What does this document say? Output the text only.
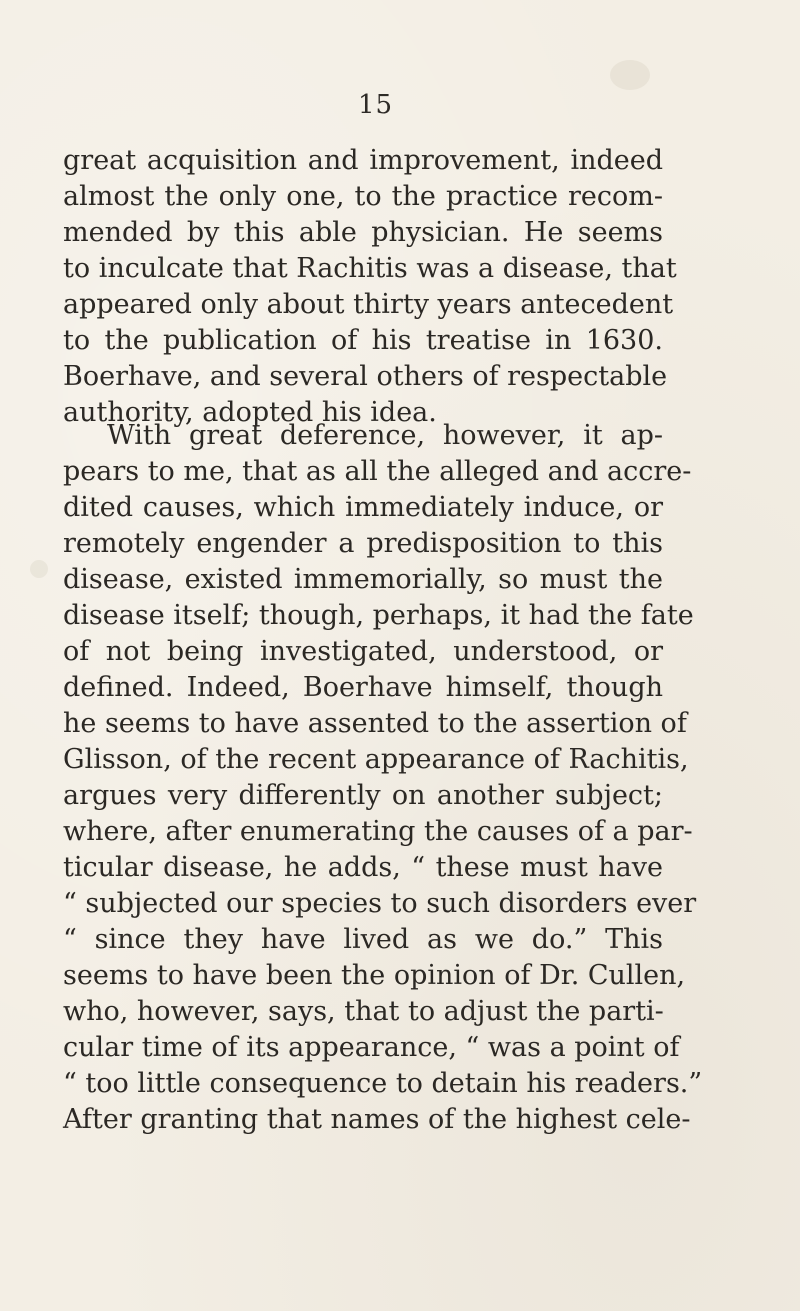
15
great acquisition and improvement, indeed
almost the only one, to the practice recom-
mended by this able physician. He seems
to inculcate that Rachitis was a disease, that
appeared only about thirty years antecedent
to the publication of his treatise in 1630.
Boerhave, and several others of respectable
authority, adopted his idea.
With great deference, however, it ap-
pears to me, that as all the alleged and accre-
dited causes, which immediately induce, or
remotely engender a predisposition to this
disease, existed immemorially, so must the
disease itself; though, perhaps, it had the fate
of not being investigated, understood, or
defined. Indeed, Boerhave himself, though
he seems to have assented to the assertion of
Glisson, of the recent appearance of Rachitis,
argues very differently on another subject;
where, after enumerating the causes of a par-
ticular disease, he adds, “ these must have
“ subjected our species to such disorders ever
“ since they have lived as we do.” This
seems to have been the opinion of Dr. Cullen,
who, however, says, that to adjust the parti-
cular time of its appearance, “ was a point of
“ too little consequence to detain his readers.”
After granting that names of the highest cele-
